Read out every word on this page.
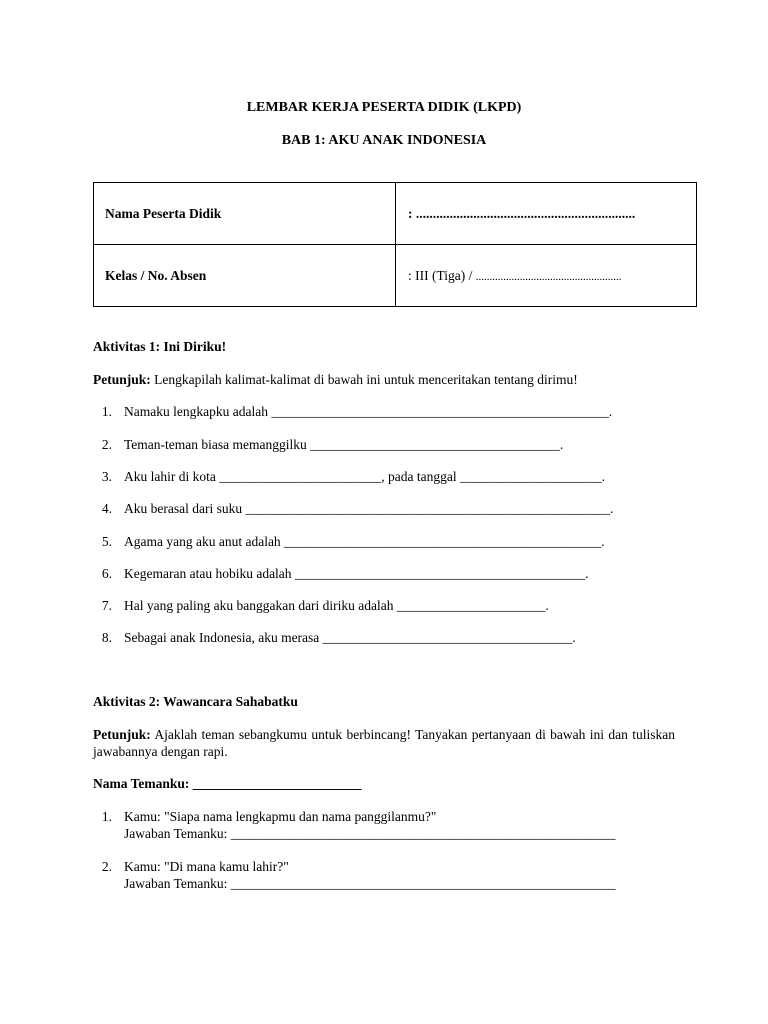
LEMBAR KERJA PESERTA DIDIK (LKPD)
BAB 1: AKU ANAK INDONESIA
Nama Peserta Didik	: .................................................................
Kelas / No. Absen	: III (Tiga) / .....................................................
Aktivitas 1: Ini Diriku!
Petunjuk: Lengkapilah kalimat-kalimat di bawah ini untuk menceritakan tentang dirimu!
1. Namaku lengkapku adalah __________________________________________________.
2. Teman-teman biasa memanggilku _____________________________________.
3. Aku lahir di kota ________________________, pada tanggal _____________________.
4. Aku berasal dari suku ______________________________________________________.
5. Agama yang aku anut adalah _______________________________________________.
6. Kegemaran atau hobiku adalah ___________________________________________.
7. Hal yang paling aku banggakan dari diriku adalah ______________________.
8. Sebagai anak Indonesia, aku merasa _____________________________________.
Aktivitas 2: Wawancara Sahabatku
Petunjuk: Ajaklah teman sebangkumu untuk berbincang! Tanyakan pertanyaan di bawah ini dan tuliskan jawabannya dengan rapi.
Nama Temanku: _________________________
1. Kamu: "Siapa nama lengkapmu dan nama panggilanmu?"
Jawaban Temanku: _________________________________________________________
2. Kamu: "Di mana kamu lahir?"
Jawaban Temanku: _________________________________________________________
